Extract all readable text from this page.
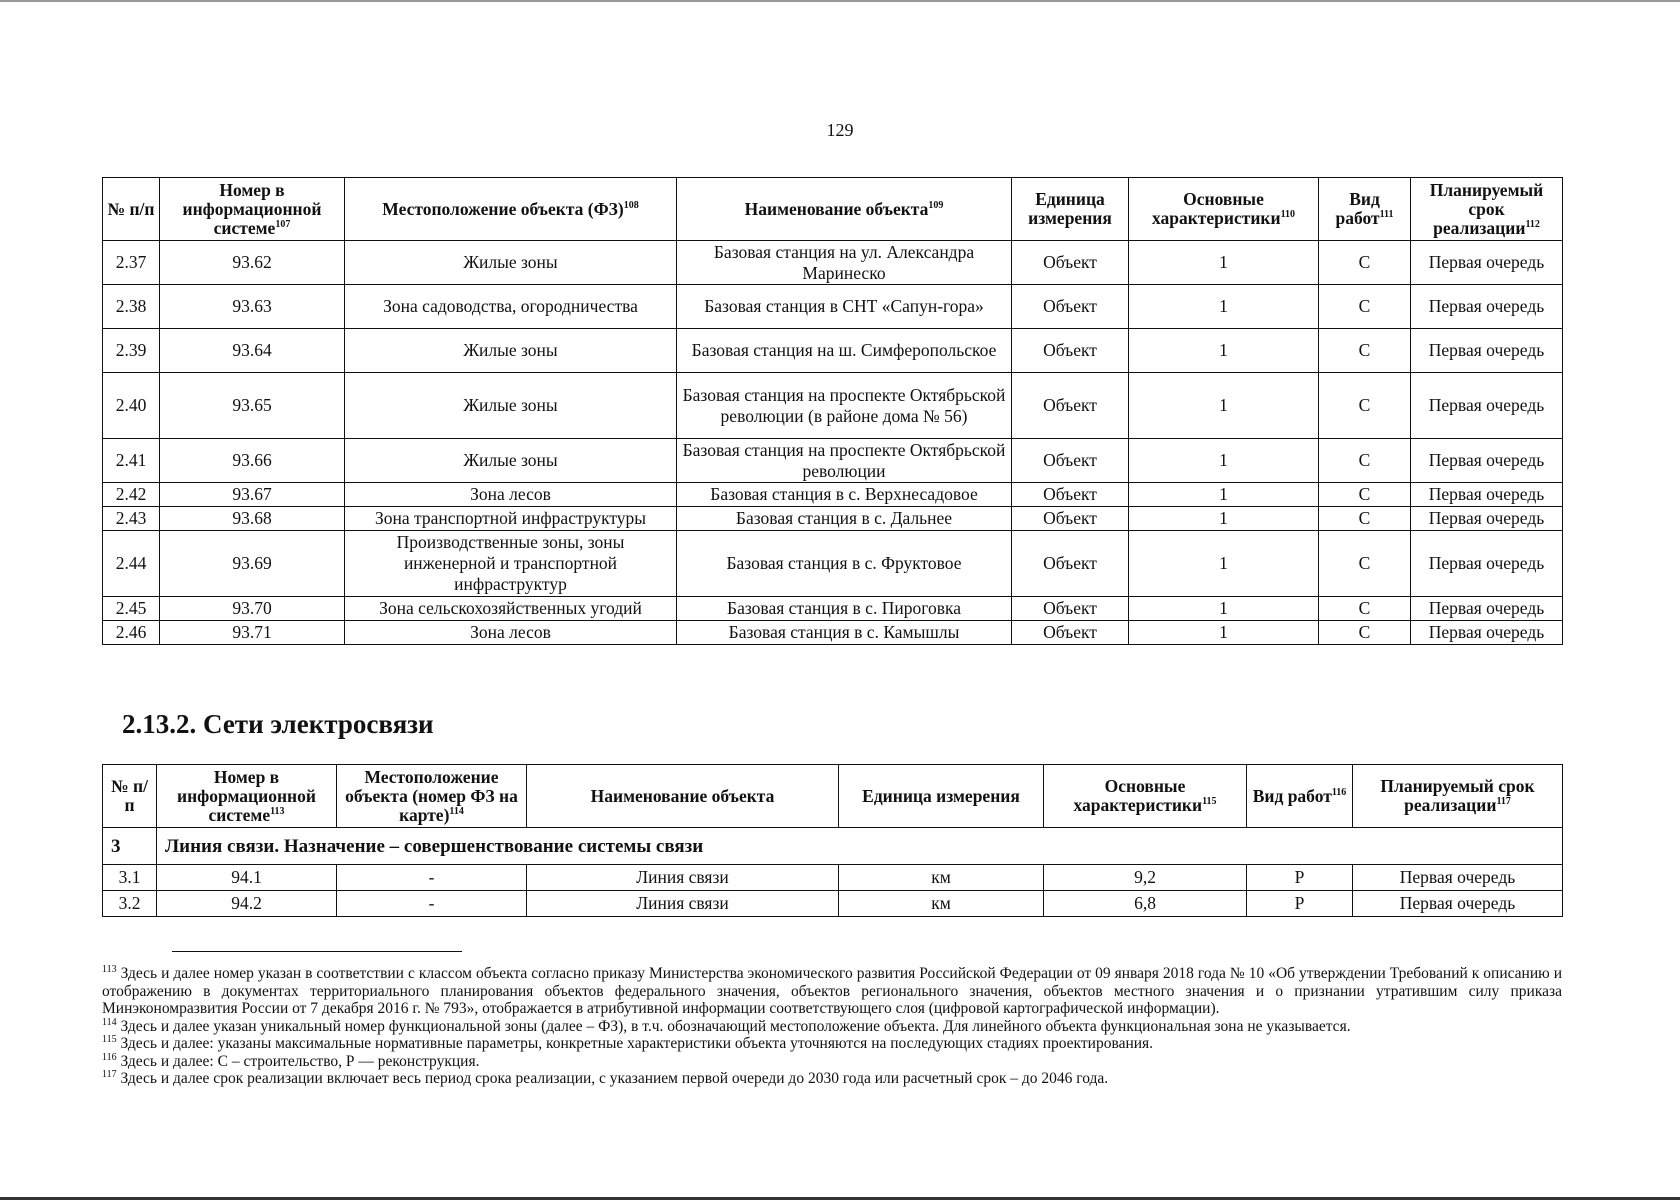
129
№ п/п	Номер в информационной системе$^{107}$	Местоположение объекта (ФЗ)$^{108}$	Наименование объекта$^{109}$	Единица измерения	Основные характеристики$^{110}$	Вид работ$^{111}$	Планируемый срок реализации$^{112}$
2.37	93.62	Жилые зоны	Базовая станция на ул. Александра Маринеско	Объект	1	С	Первая очередь
2.38	93.63	Зона садоводства, огородничества	Базовая станция в СНТ «Сапун-гора»	Объект	1	С	Первая очередь
2.39	93.64	Жилые зоны	Базовая станция на ш. Симферопольское	Объект	1	С	Первая очередь
2.40	93.65	Жилые зоны	Базовая станция на проспекте Октябрьской революции (в районе дома № 56)	Объект	1	С	Первая очередь
2.41	93.66	Жилые зоны	Базовая станция на проспекте Октябрьской революции	Объект	1	С	Первая очередь
2.42	93.67	Зона лесов	Базовая станция в с. Верхнесадовое	Объект	1	С	Первая очередь
2.43	93.68	Зона транспортной инфраструктуры	Базовая станция в с. Дальнее	Объект	1	С	Первая очередь
2.44	93.69	Производственные зоны, зоны инженерной и транспортной инфраструктур	Базовая станция в с. Фруктовое	Объект	1	С	Первая очередь
2.45	93.70	Зона сельскохозяйственных угодий	Базовая станция в с. Пироговка	Объект	1	С	Первая очередь
2.46	93.71	Зона лесов	Базовая станция в с. Камышлы	Объект	1	С	Первая очередь
2.13.2. Сети электросвязи
№ п/п	Номер в информационной системе$^{113}$	Местоположение объекта (номер ФЗ на карте)$^{114}$	Наименование объекта	Единица измерения	Основные характеристики$^{115}$	Вид работ$^{116}$	Планируемый срок реализации$^{117}$
3	Линия связи. Назначение – совершенствование системы связи						
3.1	94.1	-	Линия связи	км	9,2	Р	Первая очередь
3.2	94.2	-	Линия связи	км	6,8	Р	Первая очередь

$^{113}$ Здесь и далее номер указан в соответствии с классом объекта согласно приказу Министерства экономического развития Российской Федерации от 09 января 2018 года № 10 «Об утверждении Требований к описанию и отображению в документах территориального планирования объектов федерального значения, объектов регионального значения, объектов местного значения и о признании утратившим силу приказа Минэкономразвития России от 7 декабря 2016 г. № 793», отображается в атрибутивной информации соответствующего слоя (цифровой картографической информации).

$^{114}$ Здесь и далее указан уникальный номер функциональной зоны (далее – ФЗ), в т.ч. обозначающий местоположение объекта. Для линейного объекта функциональная зона не указывается.

$^{115}$ Здесь и далее: указаны максимальные нормативные параметры, конкретные характеристики объекта уточняются на последующих стадиях проектирования.

$^{116}$ Здесь и далее: С – строительство, Р — реконструкция.

$^{117}$ Здесь и далее срок реализации включает весь период срока реализации, с указанием первой очереди до 2030 года или расчетный срок – до 2046 года.
